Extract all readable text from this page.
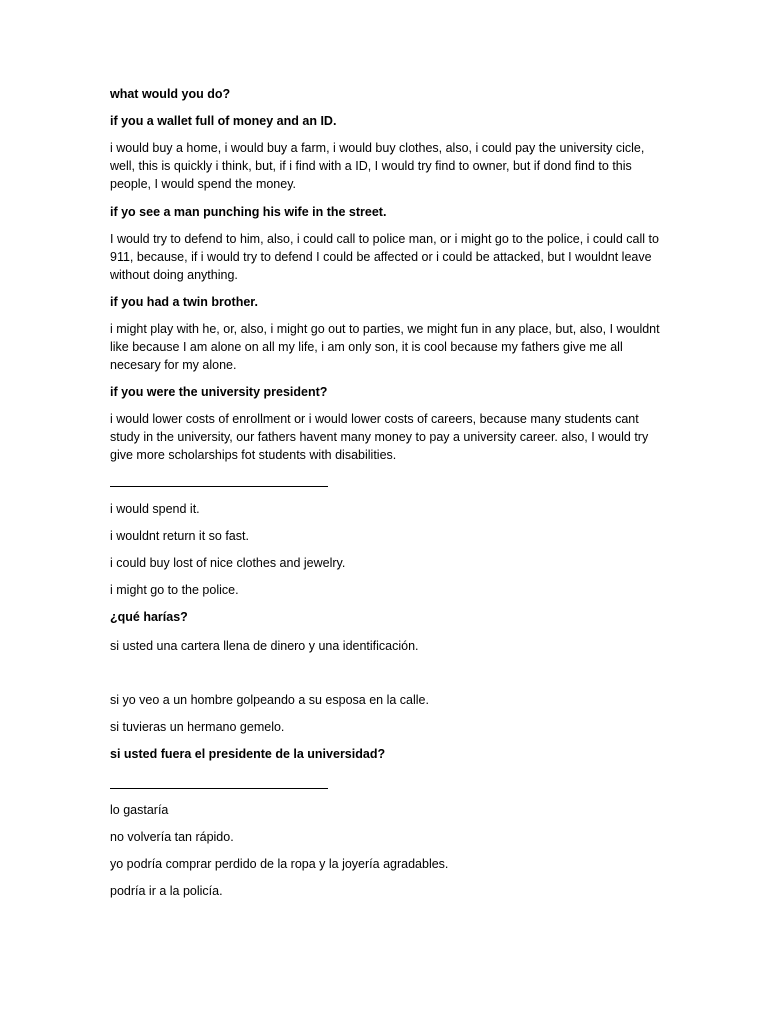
what would you do?

if you a wallet full of money and an ID.

i would buy a home, i would buy a farm, i would buy clothes, also, i could pay the university cicle, well, this is quickly i think, but, if i find with a ID, I would try find to owner, but if dond find to this people, I would spend the money.

if yo see a man punching his wife in the street.

I would try to defend to him, also, i could call to police man, or i might go to the police, i could call to 911, because, if i would try to defend I could be affected or i could be attacked, but I wouldnt leave without doing anything.

if you had a twin brother.

i might play with he, or, also, i might go out to parties, we might fun in any place, but, also, I wouldnt like because I am alone on all my life, i am only son, it is cool because my fathers give me all necesary for my alone.

if you were the university president?

i would lower costs of enrollment or i would lower costs of careers, because many students cant study in the university, our fathers havent many money to pay a university career. also, I would try give more scholarships fot students with disabilities.

i would spend it.

i wouldnt return it so fast.

i could buy lost of nice clothes and jewelry.

i might go to the police.

¿qué harías?

si usted una cartera llena de dinero y una identificación.

si yo veo a un hombre golpeando a su esposa en la calle.

si tuvieras un hermano gemelo.

si usted fuera el presidente de la universidad?

lo gastaría

no volvería tan rápido.

yo podría comprar perdido de la ropa y la joyería agradables.

podría ir a la policía.
